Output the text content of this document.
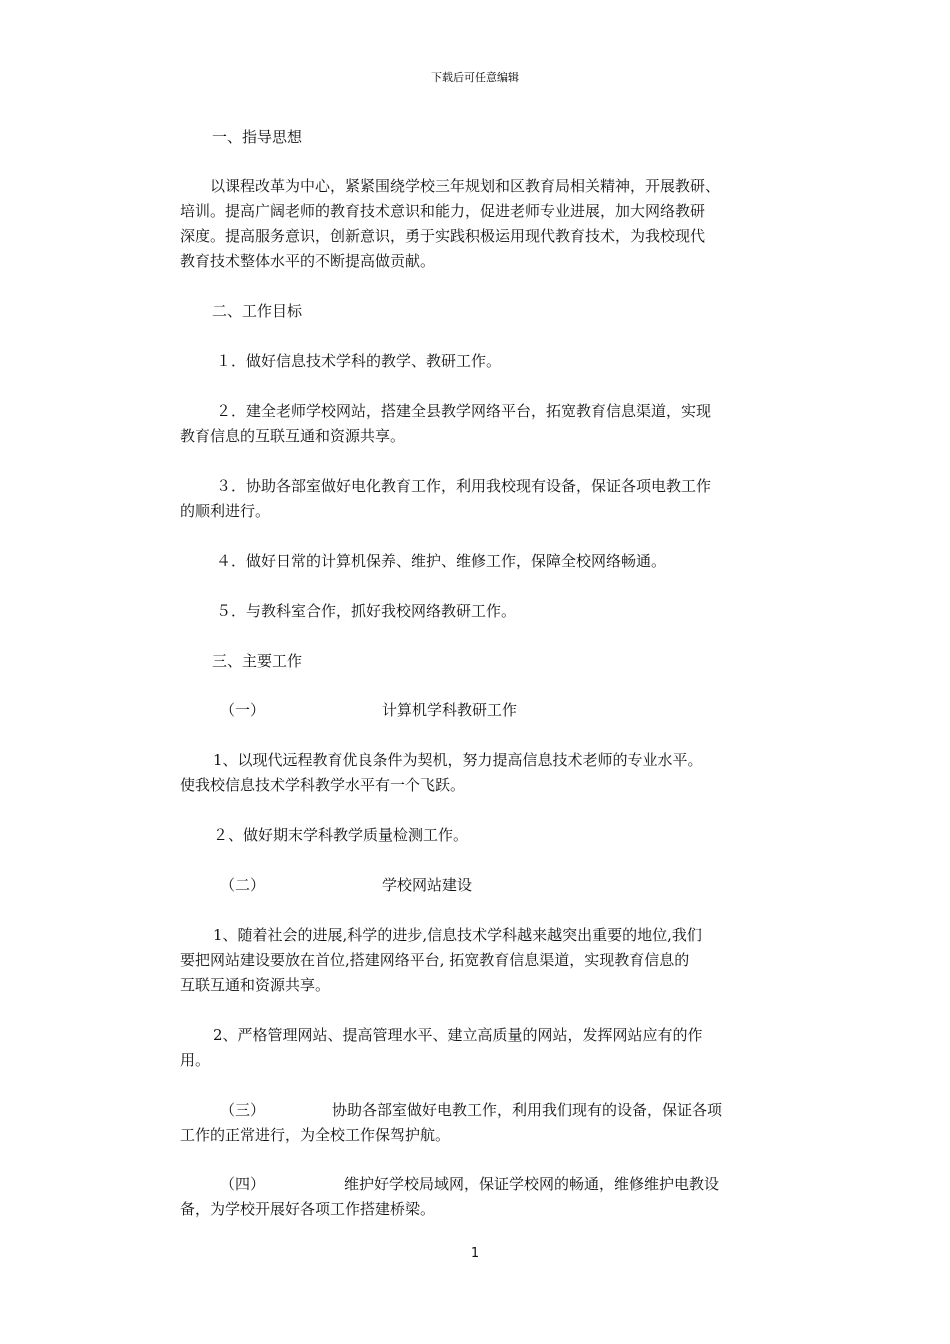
下载后可任意编辑
一、指导思想
以课程改革为中心，紧紧围绕学校三年规划和区教育局相关精神，开展教研、
培训。提高广阔老师的教育技术意识和能力，促进老师专业进展，加大网络教研
深度。提高服务意识，创新意识，勇于实践积极运用现代教育技术，为我校现代
教育技术整体水平的不断提高做贡献。
二、工作目标
１．做好信息技术学科的教学、教研工作。
２．建全老师学校网站，搭建全县教学网络平台，拓宽教育信息渠道，实现
教育信息的互联互通和资源共享。
３．协助各部室做好电化教育工作，利用我校现有设备，保证各项电教工作
的顺利进行。
４．做好日常的计算机保养、维护、维修工作，保障全校网络畅通。
５．与教科室合作，抓好我校网络教研工作。
三、主要工作
（一）	计算机学科教研工作
1、以现代远程教育优良条件为契机，努力提高信息技术老师的专业水平。
使我校信息技术学科教学水平有一个飞跃。
２、做好期末学科教学质量检测工作。
（二）	学校网站建设
1、随着社会的进展,科学的进步,信息技术学科越来越突出重要的地位,我们
要把网站建设要放在首位,搭建网络平台, 拓宽教育信息渠道，实现教育信息的
互联互通和资源共享。
2、严格管理网站、提高管理水平、建立高质量的网站，发挥网站应有的作
用。
（三）	协助各部室做好电教工作，利用我们现有的设备，保证各项
工作的正常进行，为全校工作保驾护航。
（四）	维护好学校局域网，保证学校网的畅通，维修维护电教设
备，为学校开展好各项工作搭建桥梁。
1
